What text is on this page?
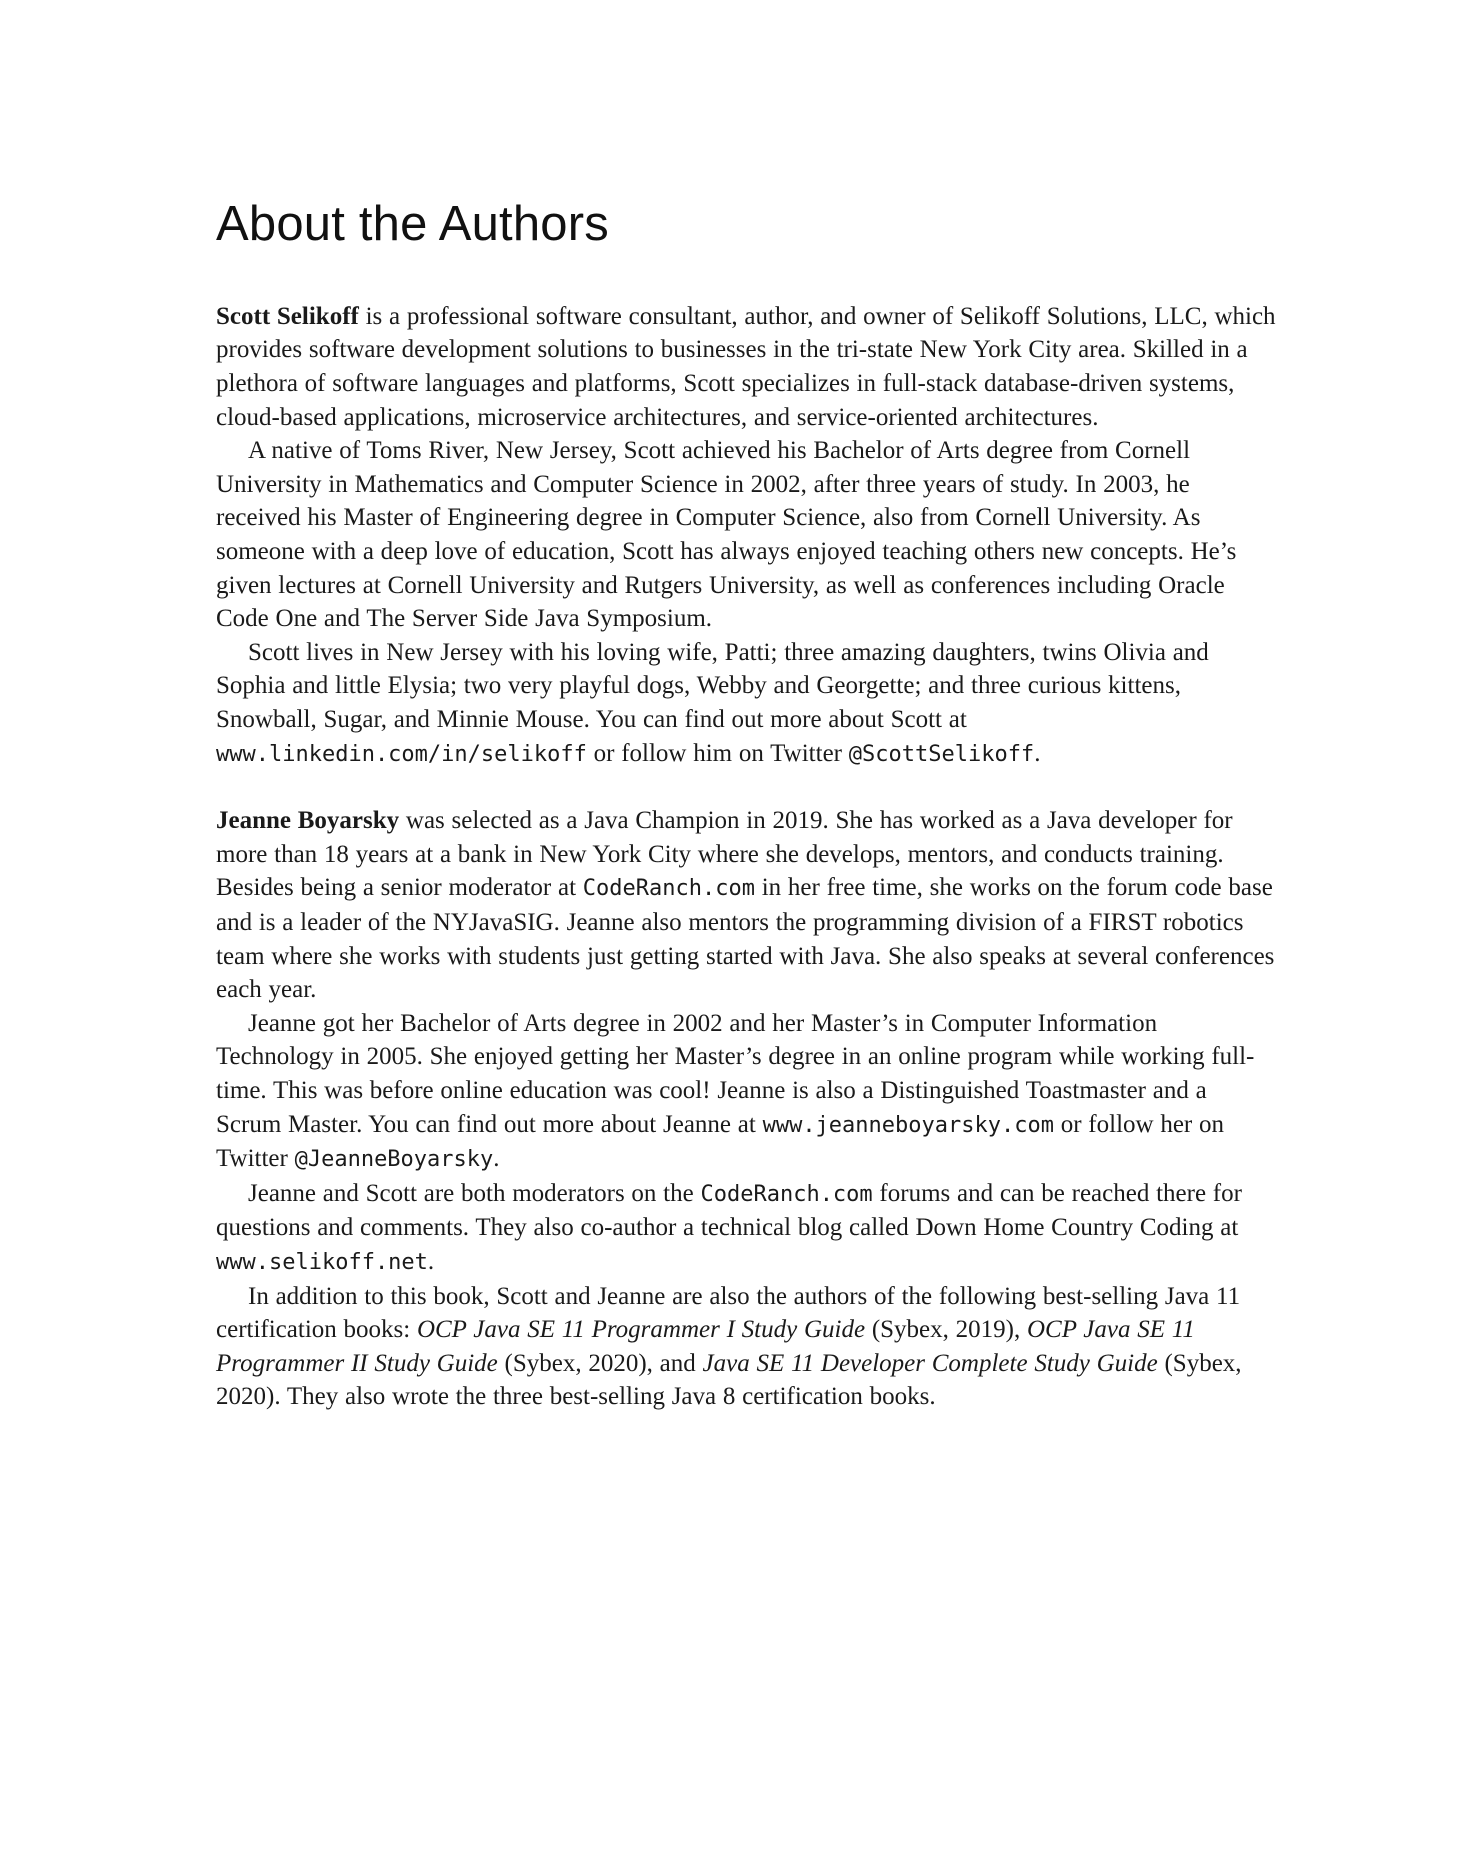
About the Authors

Scott Selikoff is a professional software consultant, author, and owner of Selikoff Solutions, LLC, which provides software development solutions to businesses in the tri-state New York City area. Skilled in a plethora of software languages and platforms, Scott specializes in full-stack database-driven systems, cloud-based applications, microservice architectures, and service-oriented architectures.

A native of Toms River, New Jersey, Scott achieved his Bachelor of Arts degree from Cornell University in Mathematics and Computer Science in 2002, after three years of study. In 2003, he received his Master of Engineering degree in Computer Science, also from Cornell University. As someone with a deep love of education, Scott has always enjoyed teaching others new concepts. He’s given lectures at Cornell University and Rutgers University, as well as conferences including Oracle Code One and The Server Side Java Symposium.

Scott lives in New Jersey with his loving wife, Patti; three amazing daughters, twins Olivia and Sophia and little Elysia; two very playful dogs, Webby and Georgette; and three curious kittens, Snowball, Sugar, and Minnie Mouse. You can find out more about Scott at www.linkedin.com/in/selikoff or follow him on Twitter @ScottSelikoff.

Jeanne Boyarsky was selected as a Java Champion in 2019. She has worked as a Java developer for more than 18 years at a bank in New York City where she develops, mentors, and conducts training. Besides being a senior moderator at CodeRanch.com in her free time, she works on the forum code base and is a leader of the NYJavaSIG. Jeanne also mentors the programming division of a FIRST robotics team where she works with students just getting started with Java. She also speaks at several conferences each year.

Jeanne got her Bachelor of Arts degree in 2002 and her Master’s in Computer Information Technology in 2005. She enjoyed getting her Master’s degree in an online program while working full-time. This was before online education was cool! Jeanne is also a Distinguished Toastmaster and a Scrum Master. You can find out more about Jeanne at www.jeanneboyarsky.com or follow her on Twitter @JeanneBoyarsky.

Jeanne and Scott are both moderators on the CodeRanch.com forums and can be reached there for questions and comments. They also co-author a technical blog called Down Home Country Coding at www.selikoff.net.

In addition to this book, Scott and Jeanne are also the authors of the following best-selling Java 11 certification books: OCP Java SE 11 Programmer I Study Guide (Sybex, 2019), OCP Java SE 11 Programmer II Study Guide (Sybex, 2020), and Java SE 11 Developer Complete Study Guide (Sybex, 2020). They also wrote the three best-selling Java 8 certification books.
